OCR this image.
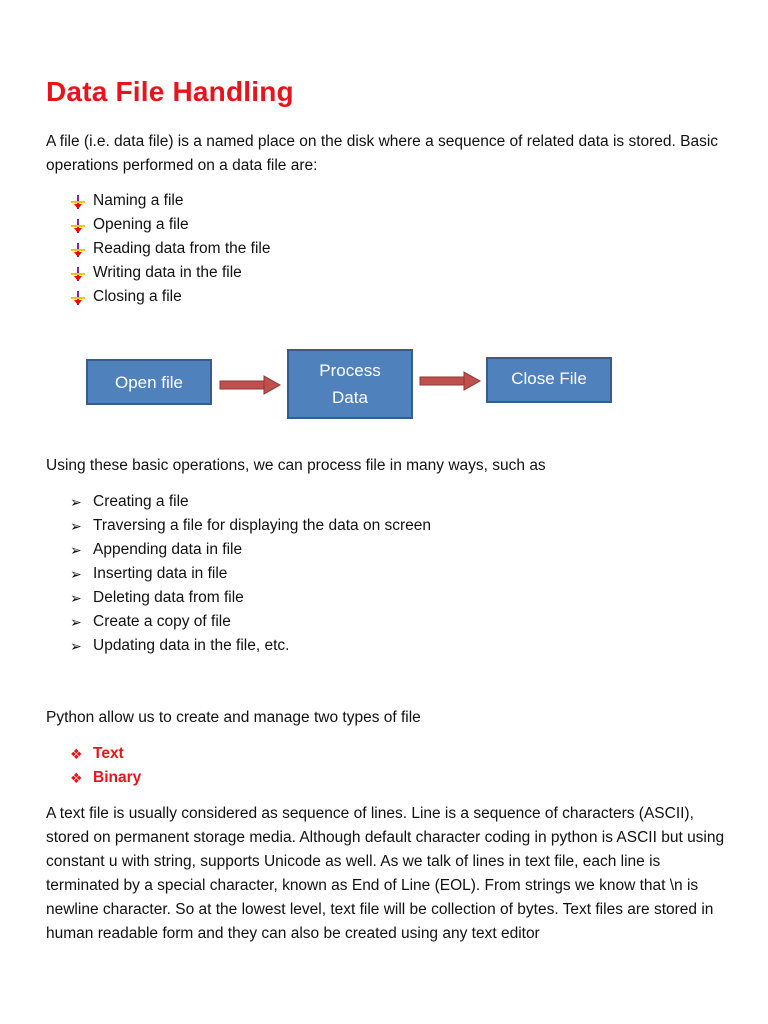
Data File Handling

A file (i.e. data file) is a named place on the disk where a sequence of related data is stored. Basic operations performed on a data file are:

Naming a file
Opening a file
Reading data from the file
Writing data in the file
Closing a file
Open file
Process
Data
Close File

Using these basic operations, we can process file in many ways, such as

➢ Creating a file
➢ Traversing a file for displaying the data on screen
➢ Appending data in file
➢ Inserting data in file
➢ Deleting data from file
➢ Create a copy of file
➢ Updating data in the file, etc.

Python allow us to create and manage two types of file

❖ Text
❖ Binary

A text file is usually considered as sequence of lines. Line is a sequence of characters (ASCII), stored on permanent storage media. Although default character coding in python is ASCII but using constant u with string, supports Unicode as well. As we talk of lines in text file, each line is terminated by a special character, known as End of Line (EOL). From strings we know that \n is newline character. So at the lowest level, text file will be collection of bytes. Text files are stored in human readable form and they can also be created using any text editor
